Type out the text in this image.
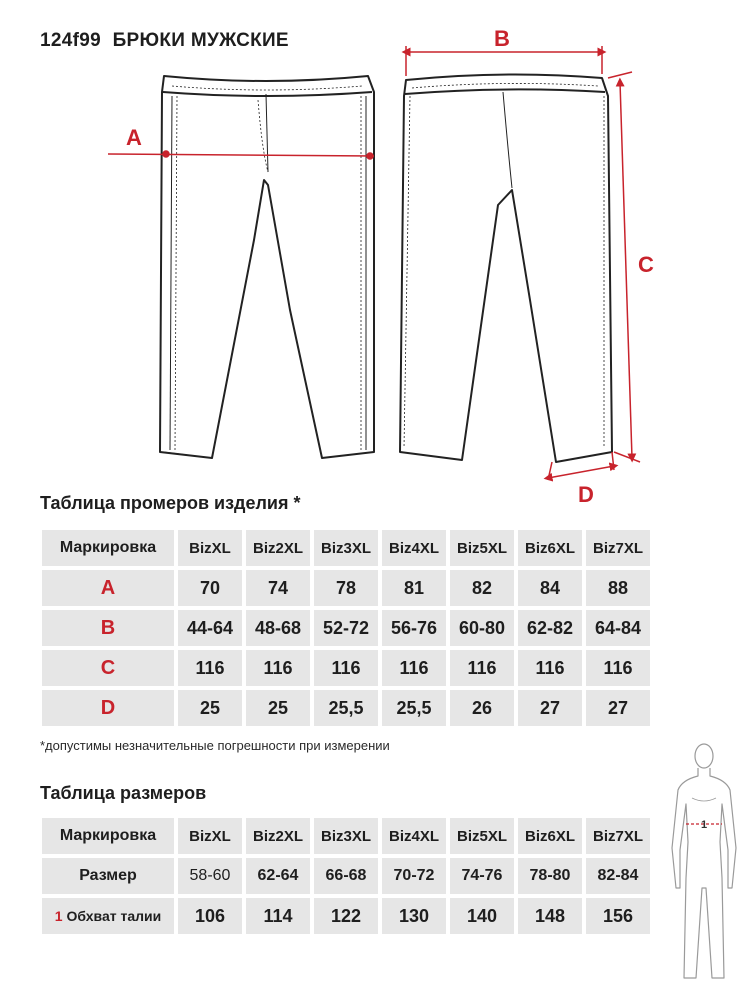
124f99 БРЮКИ МУЖСКИЕ
A
B
C
D
Таблица промеров изделия *
Маркировка	BizXL	Biz2XL	Biz3XL	Biz4XL	Biz5XL	Biz6XL	Biz7XL
A	70	74	78	81	82	84	88
B	44-64	48-68	52-72	56-76	60-80	62-82	64-84
C	116	116	116	116	116	116	116
D	25	25	25,5	25,5	26	27	27
*допустимы незначительные погрешности при измерении
Таблица размеров
Маркировка	BizXL	Biz2XL	Biz3XL	Biz4XL	Biz5XL	Biz6XL	Biz7XL
Размер	58-60	62-64	66-68	70-72	74-76	78-80	82-84
1 Обхват талии	106	114	122	130	140	148	156
1
